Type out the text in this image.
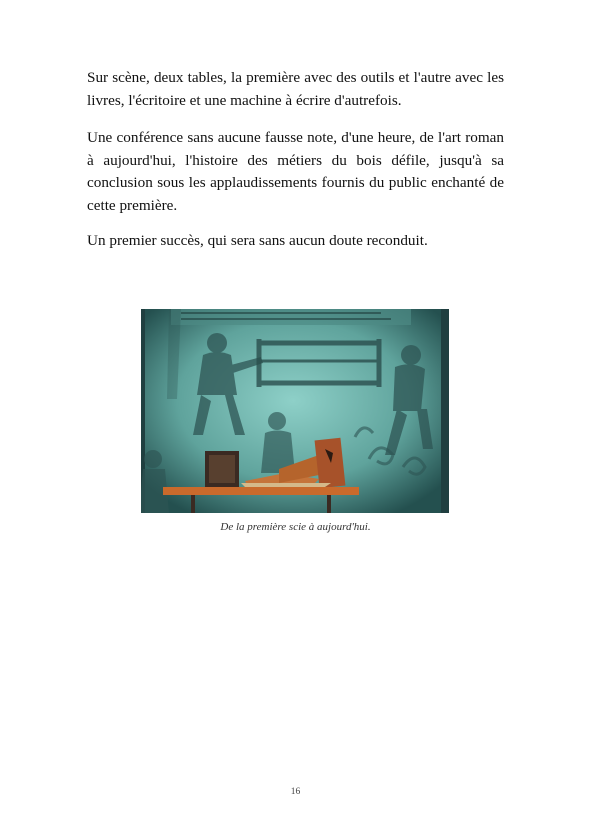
Sur scène, deux tables, la première avec des outils et l'autre avec les livres, l'écritoire et une machine à écrire d'autrefois.

Une conférence sans aucune fausse note, d'une heure, de l'art roman à aujourd'hui, l'histoire des métiers du bois défile, jusqu'à sa conclusion sous les applaudissements fournis du public enchanté de cette première.

Un premier succès, qui sera sans aucun doute reconduit.

De la première scie à aujourd'hui.
16
